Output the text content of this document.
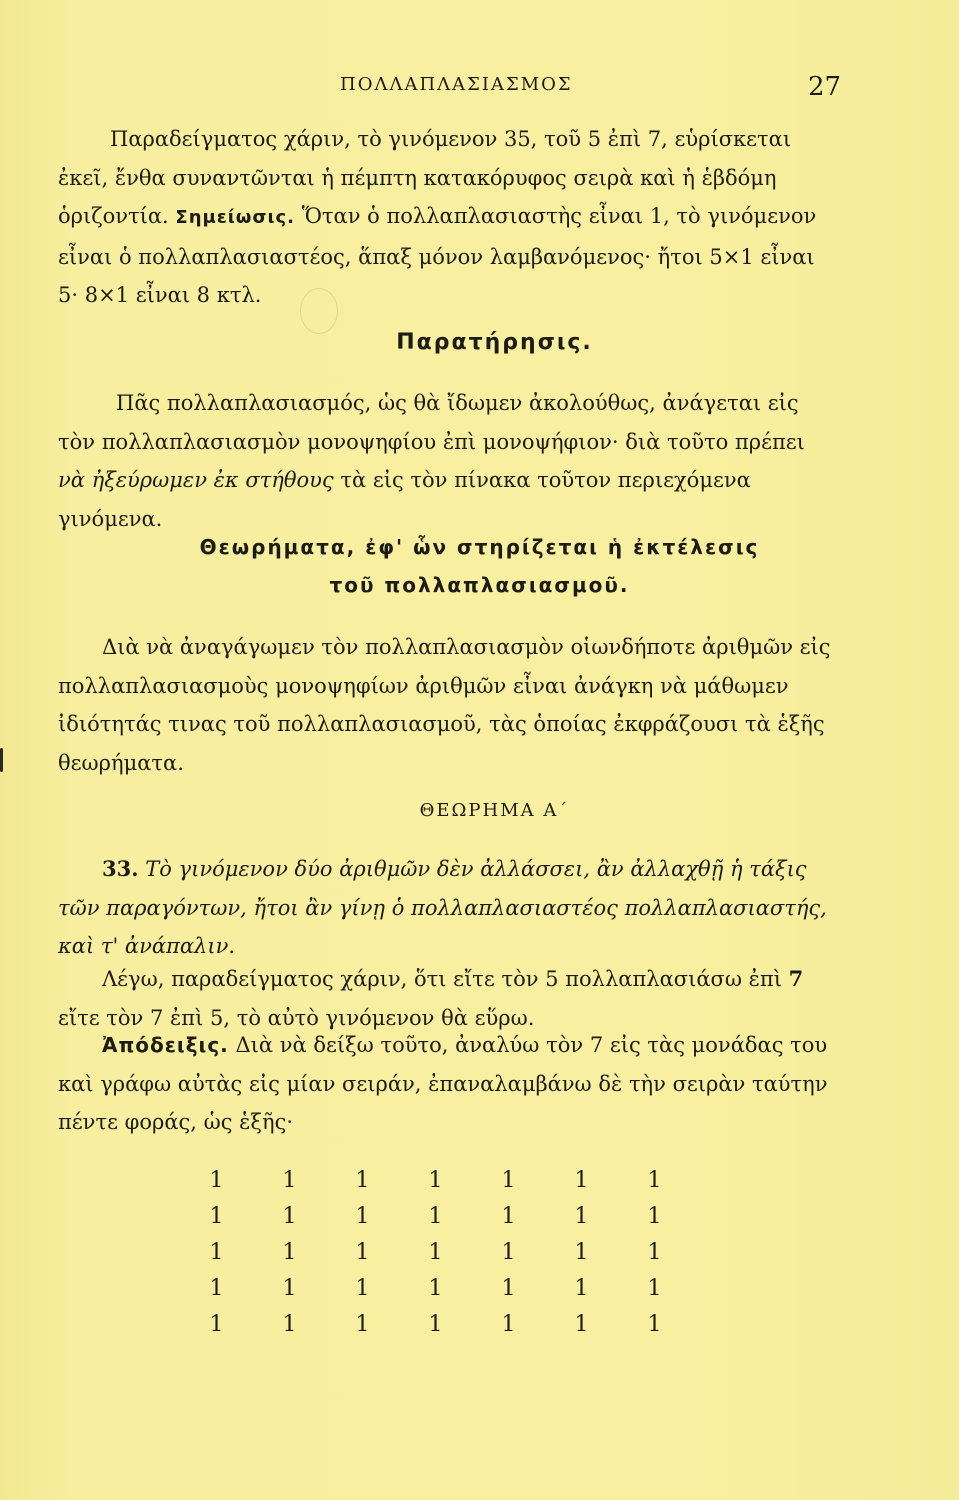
ΠΟΛΛΑΠΛΑΣΙΑΣΜΟΣ	27
Παραδείγματος χάριν, τὸ γινόμενον 35, τοῦ 5 ἐπὶ 7, εὑρίσκεται ἐκεῖ, ἔνθα συναντῶνται ἡ πέμπτη κατακόρυφος σειρὰ καὶ ἡ ἑβδόμη ὁριζοντία. Σημείωσις. Ὅταν ὁ πολλαπλασιαστὴς εἶναι 1, τὸ γινόμενον εἶναι ὁ πολλαπλασιαστέος, ἅπαξ μόνον λαμβανόμενος· ἤτοι 5×1 εἶναι 5· 8×1 εἶναι 8 κτλ.
Παρατήρησις.
Πᾶς πολλαπλασιασμός, ὡς θὰ ἴδωμεν ἀκολούθως, ἀνάγεται εἰς τὸν πολλαπλασιασμὸν μονοψηφίου ἐπὶ μονοψήφιον· διὰ τοῦτο πρέπει νὰ ἠξεύρωμεν ἐκ στήθους τὰ εἰς τὸν πίνακα τοῦτον περιεχόμενα γινόμενα.
Θεωρήματα, ἐφ' ὧν στηρίζεται ἡ ἐκτέλεσις
τοῦ πολλαπλασιασμοῦ.
Διὰ νὰ ἀναγάγωμεν τὸν πολλαπλασιασμὸν οἱωνδήποτε ἀριθμῶν εἰς πολλαπλασιασμοὺς μονοψηφίων ἀριθμῶν εἶναι ἀνάγκη νὰ μάθωμεν ἰδιότητάς τινας τοῦ πολλαπλασιασμοῦ, τὰς ὁποίας ἐκφράζουσι τὰ ἑξῆς θεωρήματα.
ΘΕΩΡΗΜΑ Α΄
33. Τὸ γινόμενον δύο ἀριθμῶν δὲν ἀλλάσσει, ἂν ἀλλαχθῇ ἡ τάξις τῶν παραγόντων, ἤτοι ἂν γίνῃ ὁ πολλαπλασιαστέος πολλαπλασιαστής, καὶ τ' ἀνάπαλιν.
Λέγω, παραδείγματος χάριν, ὅτι εἴτε τὸν 5 πολλαπλασιάσω ἐπὶ 7 εἴτε τὸν 7 ἐπὶ 5, τὸ αὐτὸ γινόμενον θὰ εὕρω.
Ἀπόδειξις. Διὰ νὰ δείξω τοῦτο, ἀναλύω τὸν 7 εἰς τὰς μονάδας του καὶ γράφω αὐτὰς εἰς μίαν σειράν, ἐπαναλαμβάνω δὲ τὴν σειρὰν ταύτην πέντε φοράς, ὡς ἑξῆς·
1	1	1	1	1	1	1
1	1	1	1	1	1	1
1	1	1	1	1	1	1
1	1	1	1	1	1	1
1	1	1	1	1	1	1
